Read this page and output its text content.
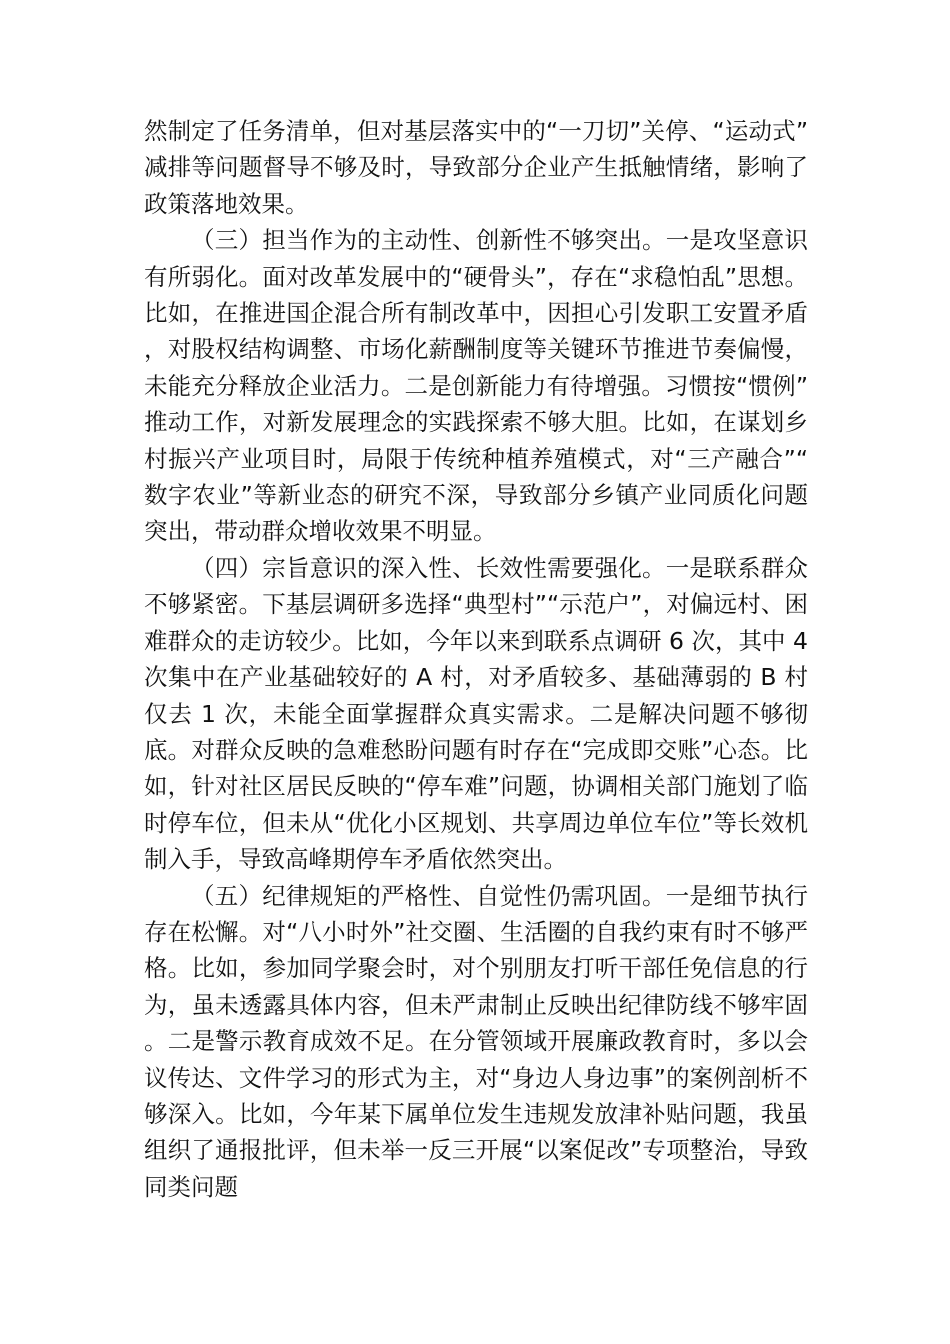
然制定了任务清单，但对基层落实中的“一刀切”关停、“运动式”减排等问题督导不够及时，导致部分企业产生抵触情绪，影响了政策落地效果。

（三）担当作为的主动性、创新性不够突出。一是攻坚意识有所弱化。面对改革发展中的“硬骨头”，存在“求稳怕乱”思想。比如，在推进国企混合所有制改革中，因担心引发职工安置矛盾，对股权结构调整、市场化薪酬制度等关键环节推进节奏偏慢，未能充分释放企业活力。二是创新能力有待增强。习惯按“惯例”推动工作，对新发展理念的实践探索不够大胆。比如，在谋划乡村振兴产业项目时，局限于传统种植养殖模式，对“三产融合”“数字农业”等新业态的研究不深，导致部分乡镇产业同质化问题突出，带动群众增收效果不明显。

（四）宗旨意识的深入性、长效性需要强化。一是联系群众不够紧密。下基层调研多选择“典型村”“示范户”，对偏远村、困难群众的走访较少。比如，今年以来到联系点调研 6 次，其中 4 次集中在产业基础较好的 A 村，对矛盾较多、基础薄弱的 B 村仅去 1 次，未能全面掌握群众真实需求。二是解决问题不够彻底。对群众反映的急难愁盼问题有时存在“完成即交账”心态。比如，针对社区居民反映的“停车难”问题，协调相关部门施划了临时停车位，但未从“优化小区规划、共享周边单位车位”等长效机制入手，导致高峰期停车矛盾依然突出。

（五）纪律规矩的严格性、自觉性仍需巩固。一是细节执行存在松懈。对“八小时外”社交圈、生活圈的自我约束有时不够严格。比如，参加同学聚会时，对个别朋友打听干部任免信息的行为，虽未透露具体内容，但未严肃制止反映出纪律防线不够牢固。二是警示教育成效不足。在分管领域开展廉政教育时，多以会议传达、文件学习的形式为主，对“身边人身边事”的案例剖析不够深入。比如，今年某下属单位发生违规发放津补贴问题，我虽组织了通报批评，但未举一反三开展“以案促改”专项整治，导致同类问题
